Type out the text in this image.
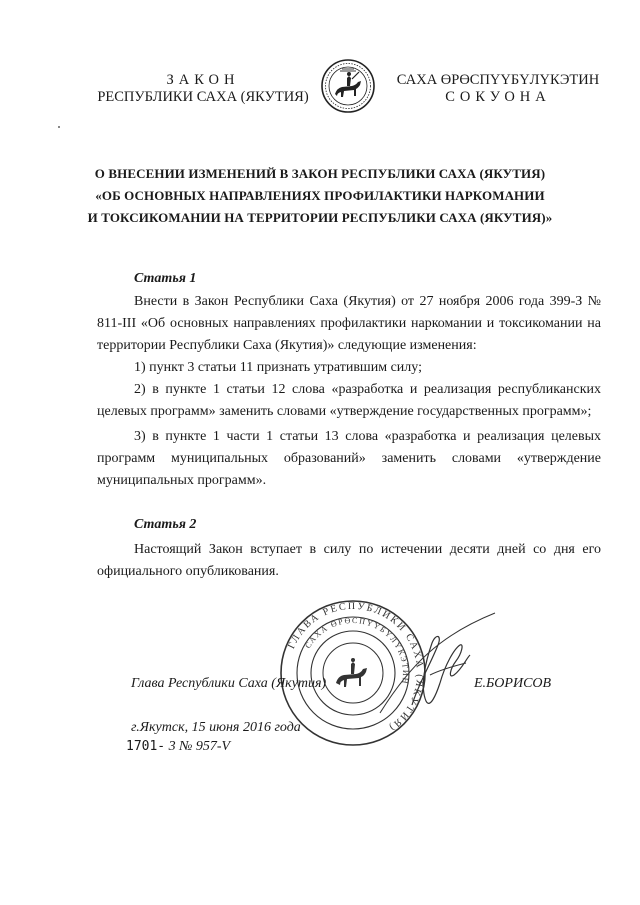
ЗАКОН
РЕСПУБЛИКИ САХА (ЯКУТИЯ)
САХА ӨРӨСПҮҮБҮЛҮКЭТИН
СОКУОНА
О ВНЕСЕНИИ ИЗМЕНЕНИЙ В ЗАКОН РЕСПУБЛИКИ САХА (ЯКУТИЯ)
«ОБ ОСНОВНЫХ НАПРАВЛЕНИЯХ ПРОФИЛАКТИКИ НАРКОМАНИИ
И ТОКСИКОМАНИИ НА ТЕРРИТОРИИ РЕСПУБЛИКИ САХА (ЯКУТИЯ)»
Статья 1
Внести в Закон Республики Саха (Якутия) от 27 ноября 2006 года 399-З № 811-III «Об основных направлениях профилактики наркомании и токсикомании на территории Республики Саха (Якутия)» следующие изменения:
1) пункт 3 статьи 11 признать утратившим силу;
2) в пункте 1 статьи 12 слова «разработка и реализация республиканских целевых программ» заменить словами «утверждение государственных программ»;
3) в пункте 1 части 1 статьи 13 слова «разработка и реализация целевых программ муниципальных образований» заменить словами «утверждение муниципальных программ».
Статья 2
Настоящий Закон вступает в силу по истечении десяти дней со дня его официального опубликования.
ГЛАВА РЕСПУБЛИКИ САХА (ЯКУТИЯ)
САХА ӨРӨСПҮҮБҮЛҮКЭТИН
Глава Республики Саха (Якутия)	Е.БОРИСОВ
г.Якутск, 15 июня 2016 года
1701- 3 № 957-V
